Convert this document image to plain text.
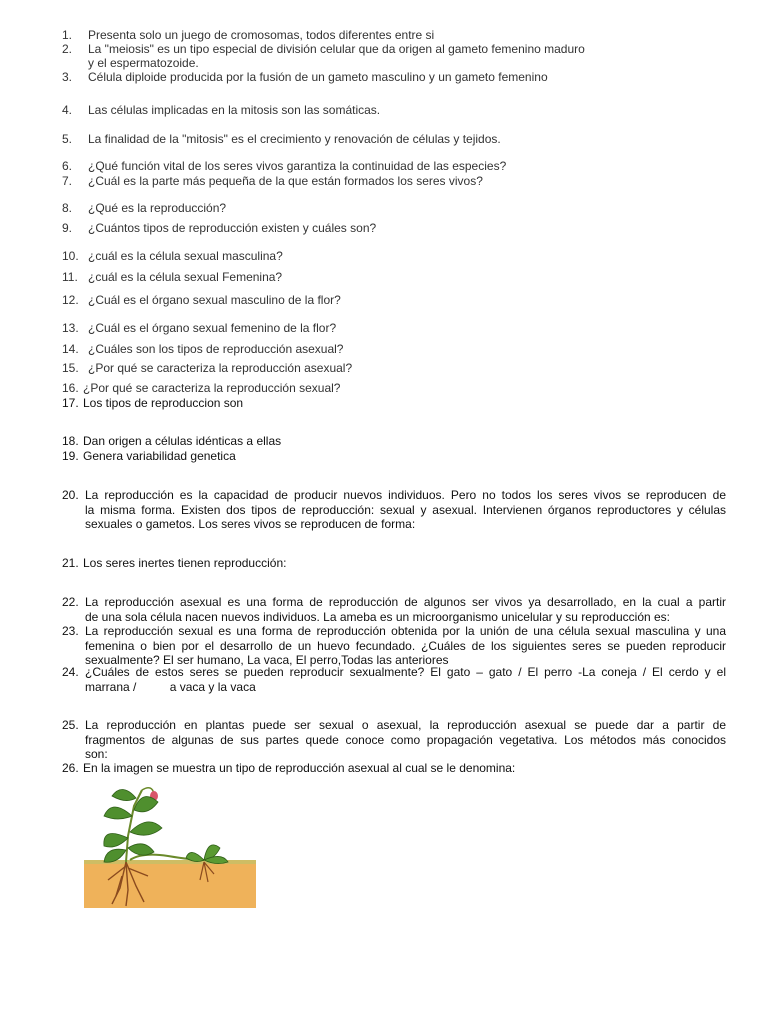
1. Presenta solo un juego de cromosomas, todos diferentes entre si
2. La "meiosis" es un tipo especial de división celular que da origen al gameto femenino maduro
y el espermatozoide.
3. Célula diploide producida por la fusión de un gameto masculino y un gameto femenino
4. Las células implicadas en la mitosis son las somáticas.
5. La finalidad de la "mitosis" es el crecimiento y renovación de células y tejidos.
6. ¿Qué función vital de los seres vivos garantiza la continuidad de las especies?
7. ¿Cuál es la parte más pequeña de la que están formados los seres vivos?
8. ¿Qué es la reproducción?
9. ¿Cuántos tipos de reproducción existen y cuáles son?
10. ¿cuál es la célula sexual masculina?
11. ¿cuál es la célula sexual Femenina?
12. ¿Cuál es el órgano sexual masculino de la flor?
13. ¿Cuál es el órgano sexual femenino de la flor?
14. ¿Cuáles son los tipos de reproducción asexual?
15. ¿Por qué se caracteriza la reproducción asexual?
16. ¿Por qué se caracteriza la reproducción sexual?
17. Los tipos de reproduccion son
18. Dan origen a células idénticas a ellas
19. Genera variabilidad genetica
20. La reproducción es la capacidad de producir nuevos individuos. Pero no todos los seres vivos se reproducen de
la misma forma. Existen dos tipos de reproducción: sexual y asexual. Intervienen órganos reproductores y células
sexuales o gametos. Los seres vivos se reproducen de forma:
21. Los seres inertes tienen reproducción:
22. La reproducción asexual es una forma de reproducción de algunos ser vivos ya desarrollado, en la cual a partir
de una sola célula nacen nuevos individuos. La ameba es un microorganismo unicelular y su reproducción es:
23. La reproducción sexual es una forma de reproducción obtenida por la unión de una célula sexual masculina y una
femenina o bien por el desarrollo de un huevo fecundado. ¿Cuáles de los siguientes seres se pueden reproducir
sexualmente? El ser humano, La vaca, El perro,Todas las anteriores
24. ¿Cuáles de estos seres se pueden reproducir sexualmente? El gato – gato / El perro -La coneja / El cerdo y el
marrana /          a vaca y la vaca
25. La reproducción en plantas puede ser sexual o asexual, la reproducción asexual se puede dar a partir de
fragmentos de algunas de sus partes quede conoce como propagación vegetativa. Los métodos más conocidos
son:
26. En la imagen se muestra un tipo de reproducción asexual al cual se le denomina:
